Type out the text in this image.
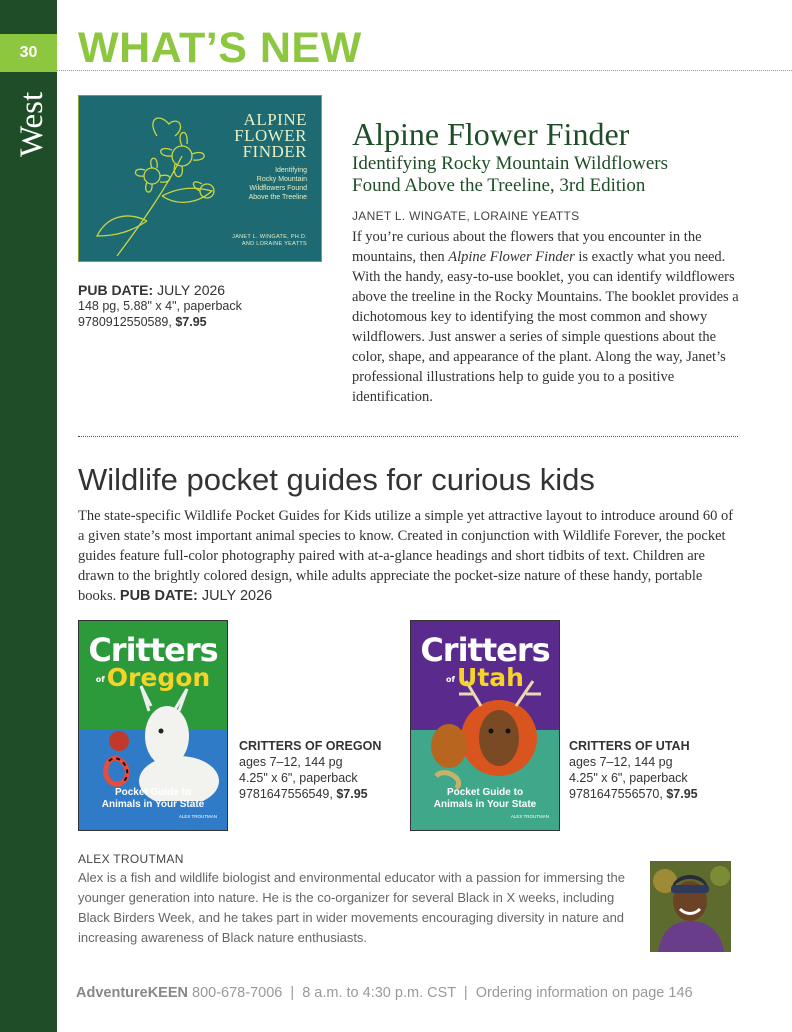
30
West
WHAT’S NEW
ALPINE
FLOWER
FINDER
Identifying
Rocky Mountain
Wildflowers Found
Above the Treeline
JANET L. WINGATE, PH.D.
AND LORAINE YEATTS
PUB DATE: JULY 2026
148 pg, 5.88" x 4", paperback
9780912550589, $7.95
Alpine Flower Finder
Identifying Rocky Mountain Wildflowers
Found Above the Treeline, 3rd Edition
JANET L. WINGATE, LORAINE YEATTS
If you’re curious about the flowers that you encounter in the mountains, then Alpine Flower Finder is exactly what you need. With the handy, easy-to-use booklet, you can identify wildflowers above the treeline in the Rocky Mountains. The booklet provides a dichotomous key to identifying the most common and showy wildflowers. Just answer a series of simple questions about the color, shape, and appearance of the plant. Along the way, Janet’s professional illustrations help to guide you to a positive identification.
Wildlife pocket guides for curious kids
The state-specific Wildlife Pocket Guides for Kids utilize a simple yet attractive layout to introduce around 60 of a given state’s most important animal species to know. Created in conjunction with Wildlife Forever, the pocket guides feature full-color photography paired with at-a-glance headings and short tidbits of text. Children are drawn to the brightly colored design, while adults appreciate the pocket-size nature of these handy, portable books. PUB DATE: JULY 2026
Critters
ofOregon
Pocket Guide to
Animals in Your State
ALEX TROUTMAN
CRITTERS OF OREGON
ages 7–12, 144 pg
4.25" x 6", paperback
9781647556549, $7.95
Critters
ofUtah
Pocket Guide to
Animals in Your State
ALEX TROUTMAN
CRITTERS OF UTAH
ages 7–12, 144 pg
4.25" x 6", paperback
9781647556570, $7.95
ALEX TROUTMAN
Alex is a fish and wildlife biologist and environmental educator with a passion for immersing the younger generation into nature. He is the co-organizer for several Black in X weeks, including Black Birders Week, and he takes part in wider movements encouraging diversity in nature and increasing awareness of Black nature enthusiasts.
AdventureKEEN 800-678-7006  |  8 a.m. to 4:30 p.m. CST  |  Ordering information on page 146
